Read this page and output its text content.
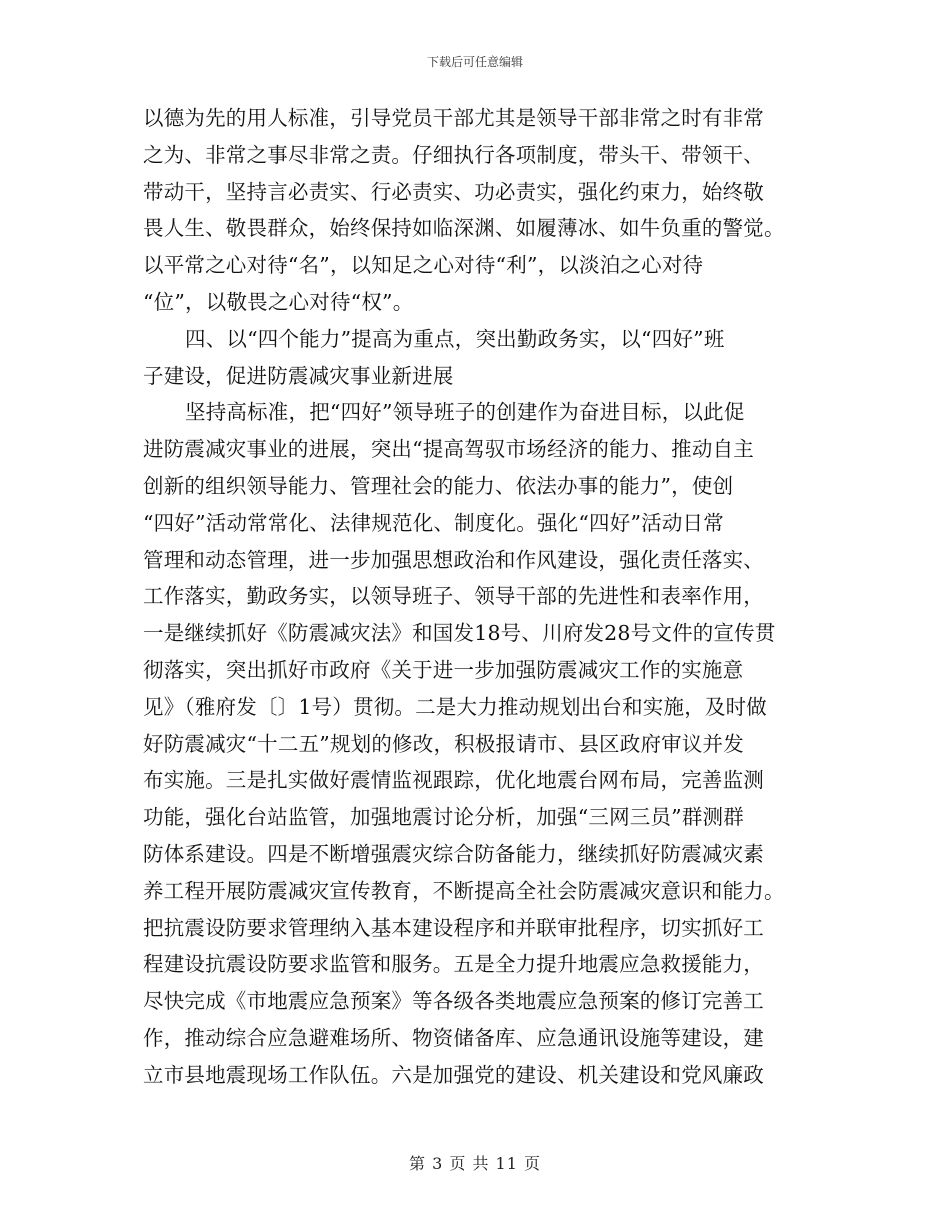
下载后可任意编辑
以德为先的用人标准，引导党员干部尤其是领导干部非常之时有非常
之为、非常之事尽非常之责。仔细执行各项制度，带头干、带领干、
带动干，坚持言必责实、行必责实、功必责实，强化约束力，始终敬
畏人生、敬畏群众，始终保持如临深渊、如履薄冰、如牛负重的警觉。
以平常之心对待“名”，以知足之心对待“利”，以淡泊之心对待
“位”，以敬畏之心对待“权”。
四、以“四个能力”提高为重点，突出勤政务实，以“四好”班
子建设，促进防震减灾事业新进展
坚持高标准，把“四好”领导班子的创建作为奋进目标，以此促
进防震减灾事业的进展，突出“提高驾驭市场经济的能力、推动自主
创新的组织领导能力、管理社会的能力、依法办事的能力”，使创
“四好”活动常常化、法律规范化、制度化。强化“四好”活动日常
管理和动态管理，进一步加强思想政治和作风建设，强化责任落实、
工作落实，勤政务实，以领导班子、领导干部的先进性和表率作用，
一是继续抓好《防震减灾法》和国发18号、川府发28号文件的宣传贯
彻落实，突出抓好市政府《关于进一步加强防震减灾工作的实施意
见》（雅府发〔〕1号）贯彻。二是大力推动规划出台和实施，及时做
好防震减灾“十二五”规划的修改，积极报请市、县区政府审议并发
布实施。三是扎实做好震情监视跟踪，优化地震台网布局，完善监测
功能，强化台站监管，加强地震讨论分析，加强“三网三员”群测群
防体系建设。四是不断增强震灾综合防备能力，继续抓好防震减灾素
养工程开展防震减灾宣传教育，不断提高全社会防震减灾意识和能力。
把抗震设防要求管理纳入基本建设程序和并联审批程序，切实抓好工
程建设抗震设防要求监管和服务。五是全力提升地震应急救援能力，
尽快完成《市地震应急预案》等各级各类地震应急预案的修订完善工
作，推动综合应急避难场所、物资储备库、应急通讯设施等建设，建
立市县地震现场工作队伍。六是加强党的建设、机关建设和党风廉政
第 3 页 共 11 页
